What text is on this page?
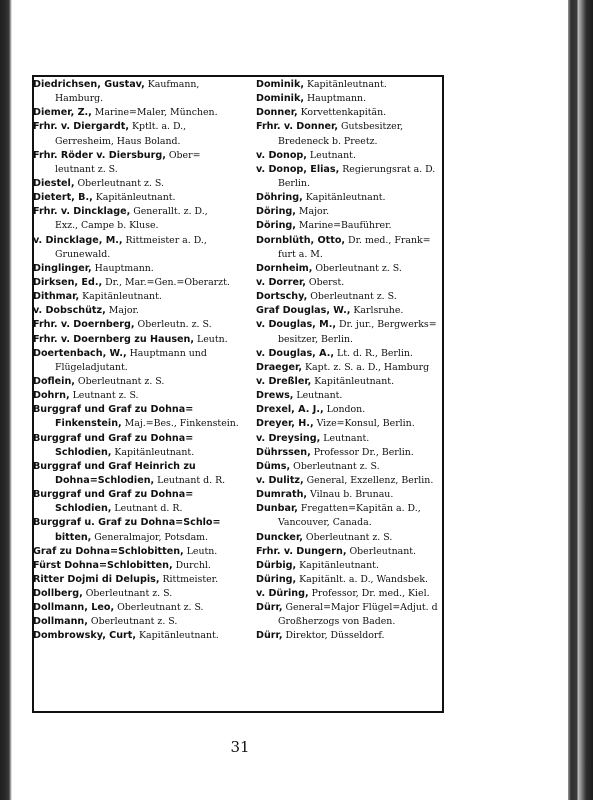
Diedrichsen, Gustav, Kaufmann,
Hamburg.
Diemer, Z., Marine=Maler, München.
Frhr. v. Diergardt, Kptlt. a. D.,
Gerresheim, Haus Boland.
Frhr. Röder v. Diersburg, Ober=
leutnant z. S.
Diestel, Oberleutnant z. S.
Dietert, B., Kapitänleutnant.
Frhr. v. Dincklage, Generallt. z. D.,
Exz., Campe b. Kluse.
v. Dincklage, M., Rittmeister a. D.,
Grunewald.
Dinglinger, Hauptmann.
Dirksen, Ed., Dr., Mar.=Gen.=Oberarzt.
Dithmar, Kapitänleutnant.
v. Dobschütz, Major.
Frhr. v. Doernberg, Oberleutn. z. S.
Frhr. v. Doernberg zu Hausen, Leutn.
Doertenbach, W., Hauptmann und
Flügeladjutant.
Doflein, Oberleutnant z. S.
Dohrn, Leutnant z. S.
Burggraf und Graf zu Dohna=
Finkenstein, Maj.=Bes., Finkenstein.
Burggraf und Graf zu Dohna=
Schlodien, Kapitänleutnant.
Burggraf und Graf Heinrich zu
Dohna=Schlodien, Leutnant d. R.
Burggraf und Graf zu Dohna=
Schlodien, Leutnant d. R.
Burggraf u. Graf zu Dohna=Schlo=
bitten, Generalmajor, Potsdam.
Graf zu Dohna=Schlobitten, Leutn.
Fürst Dohna=Schlobitten, Durchl.
Ritter Dojmi di Delupis, Rittmeister.
Dollberg, Oberleutnant z. S.
Dollmann, Leo, Oberleutnant z. S.
Dollmann, Oberleutnant z. S.
Dombrowsky, Curt, Kapitänleutnant.
Dominik, Kapitänleutnant.
Dominik, Hauptmann.
Donner, Korvettenkapitän.
Frhr. v. Donner, Gutsbesitzer,
Bredeneck b. Preetz.
v. Donop, Leutnant.
v. Donop, Elias, Regierungsrat a. D.
Berlin.
Döhring, Kapitänleutnant.
Döring, Major.
Döring, Marine=Bauführer.
Dornblüth, Otto, Dr. med., Frank=
furt a. M.
Dornheim, Oberleutnant z. S.
v. Dorrer, Oberst.
Dortschy, Oberleutnant z. S.
Graf Douglas, W., Karlsruhe.
v. Douglas, M., Dr. jur., Bergwerks=
besitzer, Berlin.
v. Douglas, A., Lt. d. R., Berlin.
Draeger, Kapt. z. S. a. D., Hamburg
v. Dreßler, Kapitänleutnant.
Drews, Leutnant.
Drexel, A. J., London.
Dreyer, H., Vize=Konsul, Berlin.
v. Dreysing, Leutnant.
Dührssen, Professor Dr., Berlin.
Düms, Oberleutnant z. S.
v. Dulitz, General, Exzellenz, Berlin.
Dumrath, Vilnau b. Brunau.
Dunbar, Fregatten=Kapitän a. D.,
Vancouver, Canada.
Duncker, Oberleutnant z. S.
Frhr. v. Dungern, Oberleutnant.
Dürbig, Kapitänleutnant.
Düring, Kapitänlt. a. D., Wandsbek.
v. Düring, Professor, Dr. med., Kiel.
Dürr, General=Major Flügel=Adjut. d
Großherzogs von Baden.
Dürr, Direktor, Düsseldorf.
31
